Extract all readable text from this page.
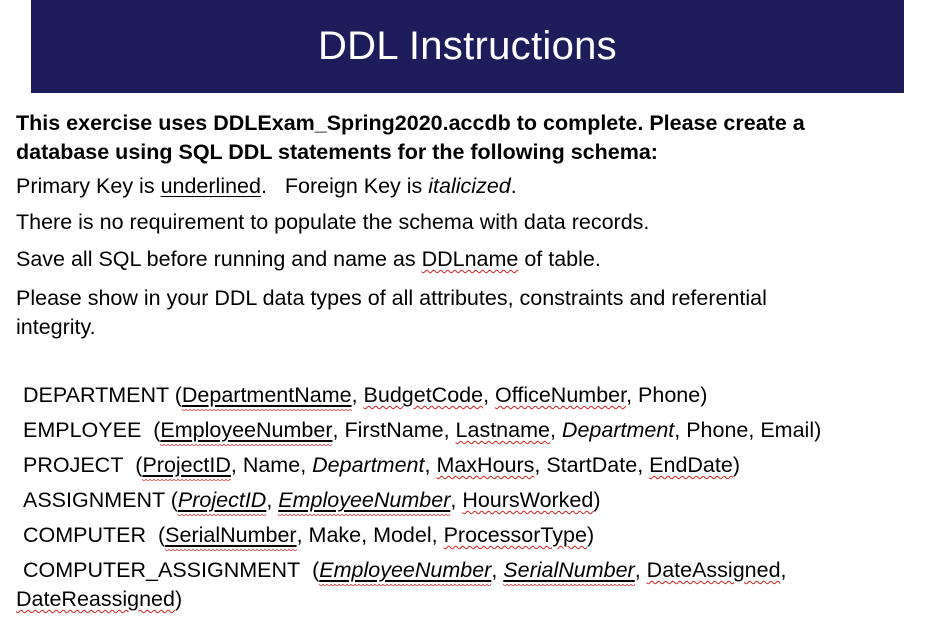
DDL Instructions
This exercise uses DDLExam_Spring2020.accdb to complete. Please create a
database using SQL DDL statements for the following schema:
Primary Key is underlined.   Foreign Key is italicized.
There is no requirement to populate the schema with data records.
Save all SQL before running and name as DDLname of table.
Please show in your DDL data types of all attributes, constraints and referential
integrity.
DEPARTMENT (DepartmentName, BudgetCode, OfficeNumber, Phone)
EMPLOYEE  (EmployeeNumber, FirstName, Lastname, Department, Phone, Email)
PROJECT  (ProjectID, Name, Department, MaxHours, StartDate, EndDate)
ASSIGNMENT (ProjectID, EmployeeNumber, HoursWorked)
COMPUTER  (SerialNumber, Make, Model, ProcessorType)
COMPUTER_ASSIGNMENT  (EmployeeNumber, SerialNumber, DateAssigned,
DateReassigned)
